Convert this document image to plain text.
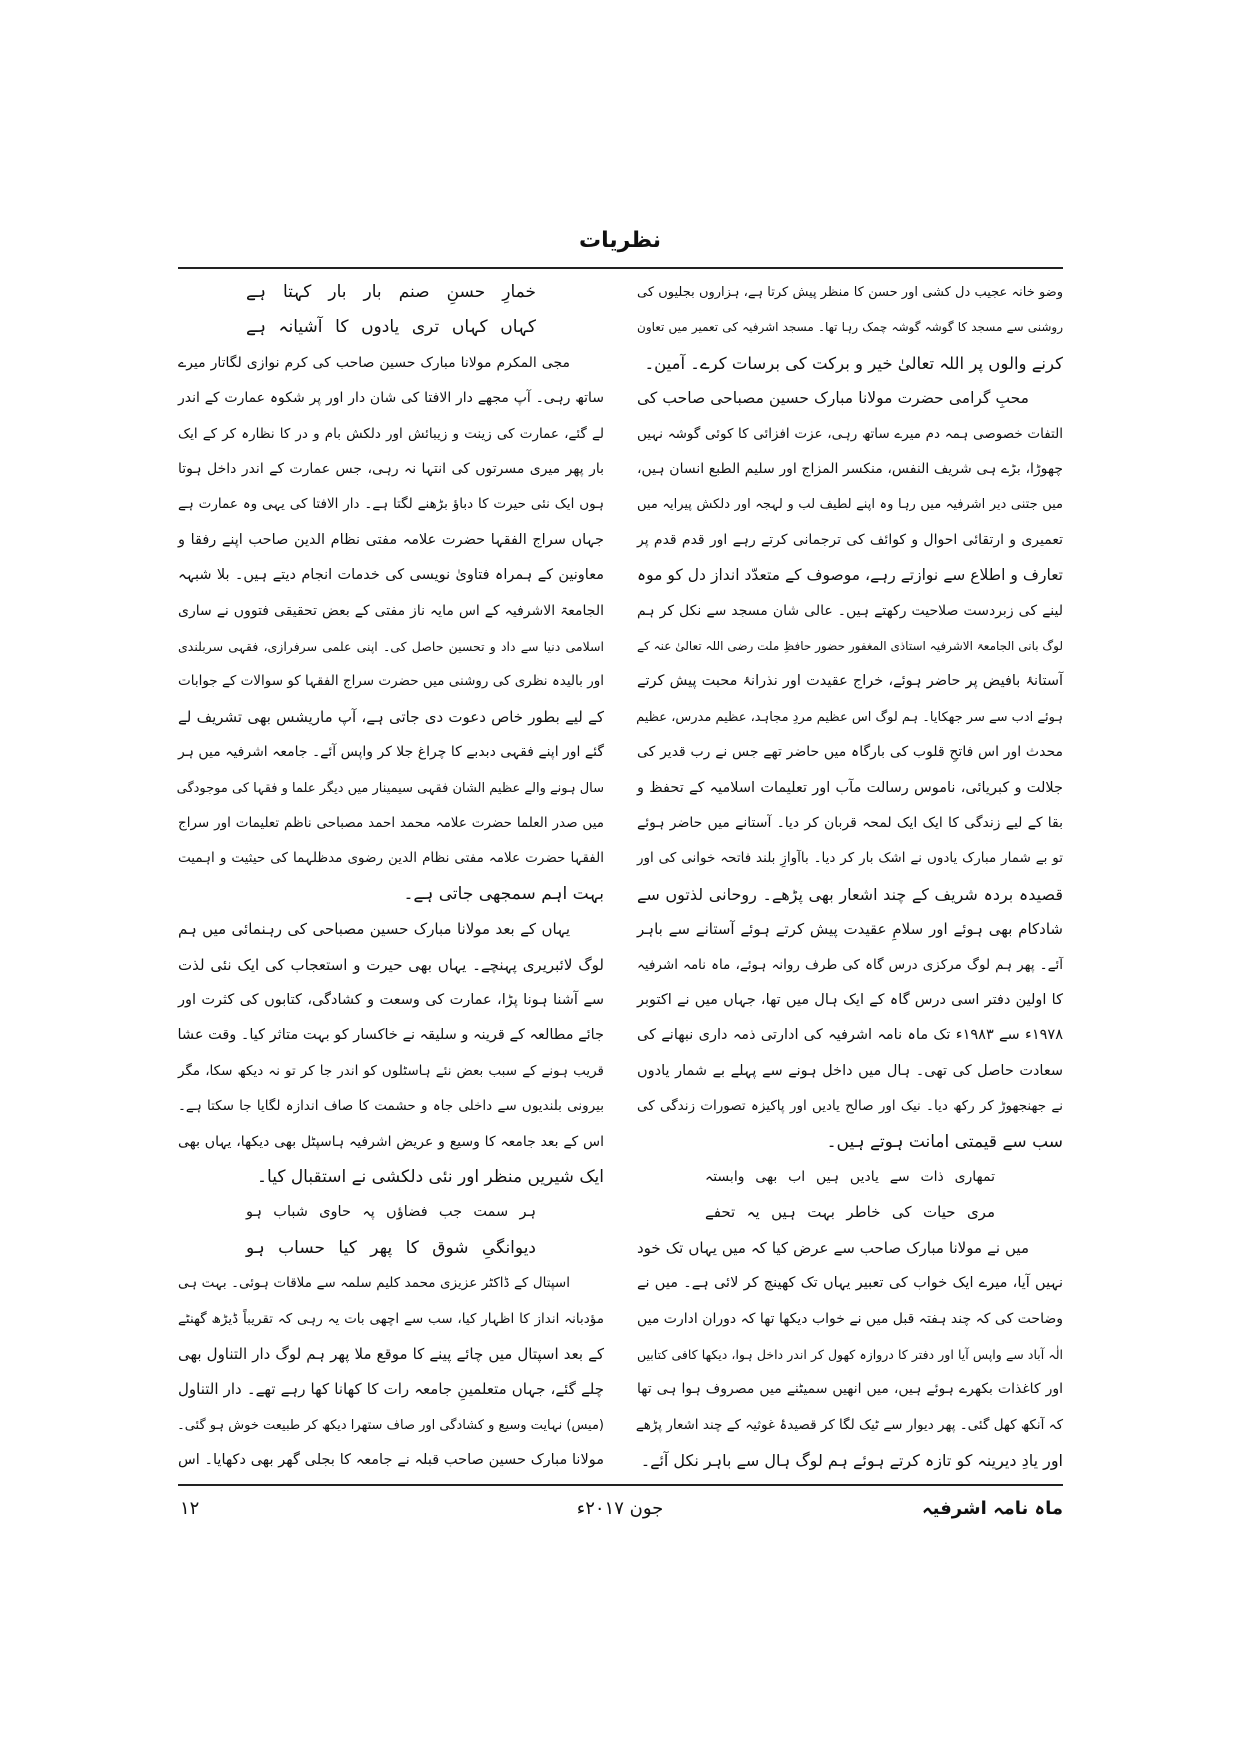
نظریات
وضو خانہ عجیب دل کشی اور حسن کا منظر پیش کرتا ہے، ہزاروں بجلیوں کی
روشنی سے مسجد کا گوشہ گوشہ چمک رہا تھا۔ مسجد اشرفیہ کی تعمیر میں تعاون
کرنے والوں پر اللہ تعالیٰ خیر و برکت کی برسات کرے۔ آمین۔
محبِ گرامی حضرت مولانا مبارک حسین مصباحی صاحب کی
التفات خصوصی ہمہ دم میرے ساتھ رہی، عزت افزائی کا کوئی گوشہ نہیں
چھوڑا، بڑے ہی شریف النفس، منکسر المزاج اور سلیم الطبع انسان ہیں،
میں جتنی دیر اشرفیہ میں رہا وہ اپنے لطیف لب و لہجہ اور دلکش پیرایہ میں
تعمیری و ارتقائی احوال و کوائف کی ترجمانی کرتے رہے اور قدم قدم پر
تعارف و اطلاع سے نوازتے رہے، موصوف کے متعدّد انداز دل کو موہ
لینے کی زبردست صلاحیت رکھتے ہیں۔ عالی شان مسجد سے نکل کر ہم
لوگ بانی الجامعۃ الاشرفیہ استاذی المغفور حضور حافظِ ملت رضی اللہ تعالیٰ عنہ کے
آستانۂ بافیض پر حاضر ہوئے، خراج عقیدت اور نذرانۂ محبت پیش کرتے
ہوئے ادب سے سر جھکایا۔ ہم لوگ اس عظیم مردِ مجاہد، عظیم مدرس، عظیم
محدث اور اس فاتحِ قلوب کی بارگاہ میں حاضر تھے جس نے رب قدیر کی
جلالت و کبریائی، ناموس رسالت مآب اور تعلیمات اسلامیہ کے تحفظ و
بقا کے لیے زندگی کا ایک ایک لمحہ قربان کر دیا۔ آستانے میں حاضر ہوئے
تو بے شمار مبارک یادوں نے اشک بار کر دیا۔ باآوازِ بلند فاتحہ خوانی کی اور
قصیدہ بردہ شریف کے چند اشعار بھی پڑھے۔ روحانی لذتوں سے
شادکام بھی ہوئے اور سلامِ عقیدت پیش کرتے ہوئے آستانے سے باہر
آئے۔ پھر ہم لوگ مرکزی درس گاہ کی طرف روانہ ہوئے، ماہ نامہ اشرفیہ
کا اولین دفتر اسی درس گاہ کے ایک ہال میں تھا، جہاں میں نے اکتوبر
۱۹۷۸ء سے ۱۹۸۳ء تک ماہ نامہ اشرفیہ کی ادارتی ذمہ داری نبھانے کی
سعادت حاصل کی تھی۔ ہال میں داخل ہونے سے پہلے بے شمار یادوں
نے جھنجھوڑ کر رکھ دیا۔ نیک اور صالح یادیں اور پاکیزہ تصورات زندگی کی
سب سے قیمتی امانت ہوتے ہیں۔
تمھاری ذات سے یادیں ہیں اب بھی وابستہ
مری حیات کی خاطر بہت ہیں یہ تحفے
میں نے مولانا مبارک صاحب سے عرض کیا کہ میں یہاں تک خود
نہیں آیا، میرے ایک خواب کی تعبیر یہاں تک کھینچ کر لائی ہے۔ میں نے
وضاحت کی کہ چند ہفتہ قبل میں نے خواب دیکھا تھا کہ دوران ادارت میں
الٰہ آباد سے واپس آیا اور دفتر کا دروازہ کھول کر اندر داخل ہوا، دیکھا کافی کتابیں
اور کاغذات بکھرے ہوئے ہیں، میں انھیں سمیٹنے میں مصروف ہوا ہی تھا
کہ آنکھ کھل گئی۔ پھر دیوار سے ٹیک لگا کر قصیدۂ غوثیہ کے چند اشعار پڑھے
اور یادِ دیرینہ کو تازہ کرتے ہوئے ہم لوگ ہال سے باہر نکل آئے۔
خمارِ حسنِ صنم بار بار کہتا ہے
کہاں کہاں تری یادوں کا آشیانہ ہے
مجی المکرم مولانا مبارک حسین صاحب کی کرم نوازی لگاتار میرے
ساتھ رہی۔ آپ مجھے دار الافتا کی شان دار اور پر شکوہ عمارت کے اندر
لے گئے، عمارت کی زینت و زیبائش اور دلکش بام و در کا نظارہ کر کے ایک
بار پھر میری مسرتوں کی انتہا نہ رہی، جس عمارت کے اندر داخل ہوتا
ہوں ایک نئی حیرت کا دباؤ بڑھنے لگتا ہے۔ دار الافتا کی یہی وہ عمارت ہے
جہاں سراج الفقہا حضرت علامہ مفتی نظام الدین صاحب اپنے رفقا و
معاونین کے ہمراہ فتاویٰ نویسی کی خدمات انجام دیتے ہیں۔ بلا شبہہ
الجامعۃ الاشرفیہ کے اس مایہ ناز مفتی کے بعض تحقیقی فتووں نے ساری
اسلامی دنیا سے داد و تحسین حاصل کی۔ اپنی علمی سرفرازی، فقہی سربلندی
اور بالیدہ نظری کی روشنی میں حضرت سراج الفقہا کو سوالات کے جوابات
کے لیے بطور خاص دعوت دی جاتی ہے، آپ ماریشس بھی تشریف لے
گئے اور اپنے فقہی دبدبے کا چراغ جلا کر واپس آئے۔ جامعہ اشرفیہ میں ہر
سال ہونے والے عظیم الشان فقہی سیمینار میں دیگر علما و فقہا کی موجودگی
میں صدر العلما حضرت علامہ محمد احمد مصباحی ناظم تعلیمات اور سراج
الفقہا حضرت علامہ مفتی نظام الدین رضوی مدظلہما کی حیثیت و اہمیت
بہت اہم سمجھی جاتی ہے۔
یہاں کے بعد مولانا مبارک حسین مصباحی کی رہنمائی میں ہم
لوگ لائبریری پہنچے۔ یہاں بھی حیرت و استعجاب کی ایک نئی لذت
سے آشنا ہونا پڑا، عمارت کی وسعت و کشادگی، کتابوں کی کثرت اور
جائے مطالعہ کے قرینہ و سلیقہ نے خاکسار کو بہت متاثر کیا۔ وقت عشا
قریب ہونے کے سبب بعض نئے ہاسٹلوں کو اندر جا کر تو نہ دیکھ سکا، مگر
بیرونی بلندیوں سے داخلی جاہ و حشمت کا صاف اندازہ لگایا جا سکتا ہے۔
اس کے بعد جامعہ کا وسیع و عریض اشرفیہ ہاسپٹل بھی دیکھا، یہاں بھی
ایک شیریں منظر اور نئی دلکشی نے استقبال کیا۔
ہر سمت جب فضاؤں پہ حاوی شباب ہو
دیوانگیِ شوق کا پھر کیا حساب ہو
اسپتال کے ڈاکٹر عزیزی محمد کلیم سلمہ سے ملاقات ہوئی۔ بہت ہی
مؤدبانہ انداز کا اظہار کیا، سب سے اچھی بات یہ رہی کہ تقریباً ڈیڑھ گھنٹے
کے بعد اسپتال میں چائے پینے کا موقع ملا پھر ہم لوگ دار التناول بھی
چلے گئے، جہاں متعلمینِ جامعہ رات کا کھانا کھا رہے تھے۔ دار التناول
(میس) نہایت وسیع و کشادگی اور صاف ستھرا دیکھ کر طبیعت خوش ہو گئی۔
مولانا مبارک حسین صاحب قبلہ نے جامعہ کا بجلی گھر بھی دکھایا۔ اس
ماہ نامہ اشرفیہ
جون ۲۰۱۷ء
۱۲
